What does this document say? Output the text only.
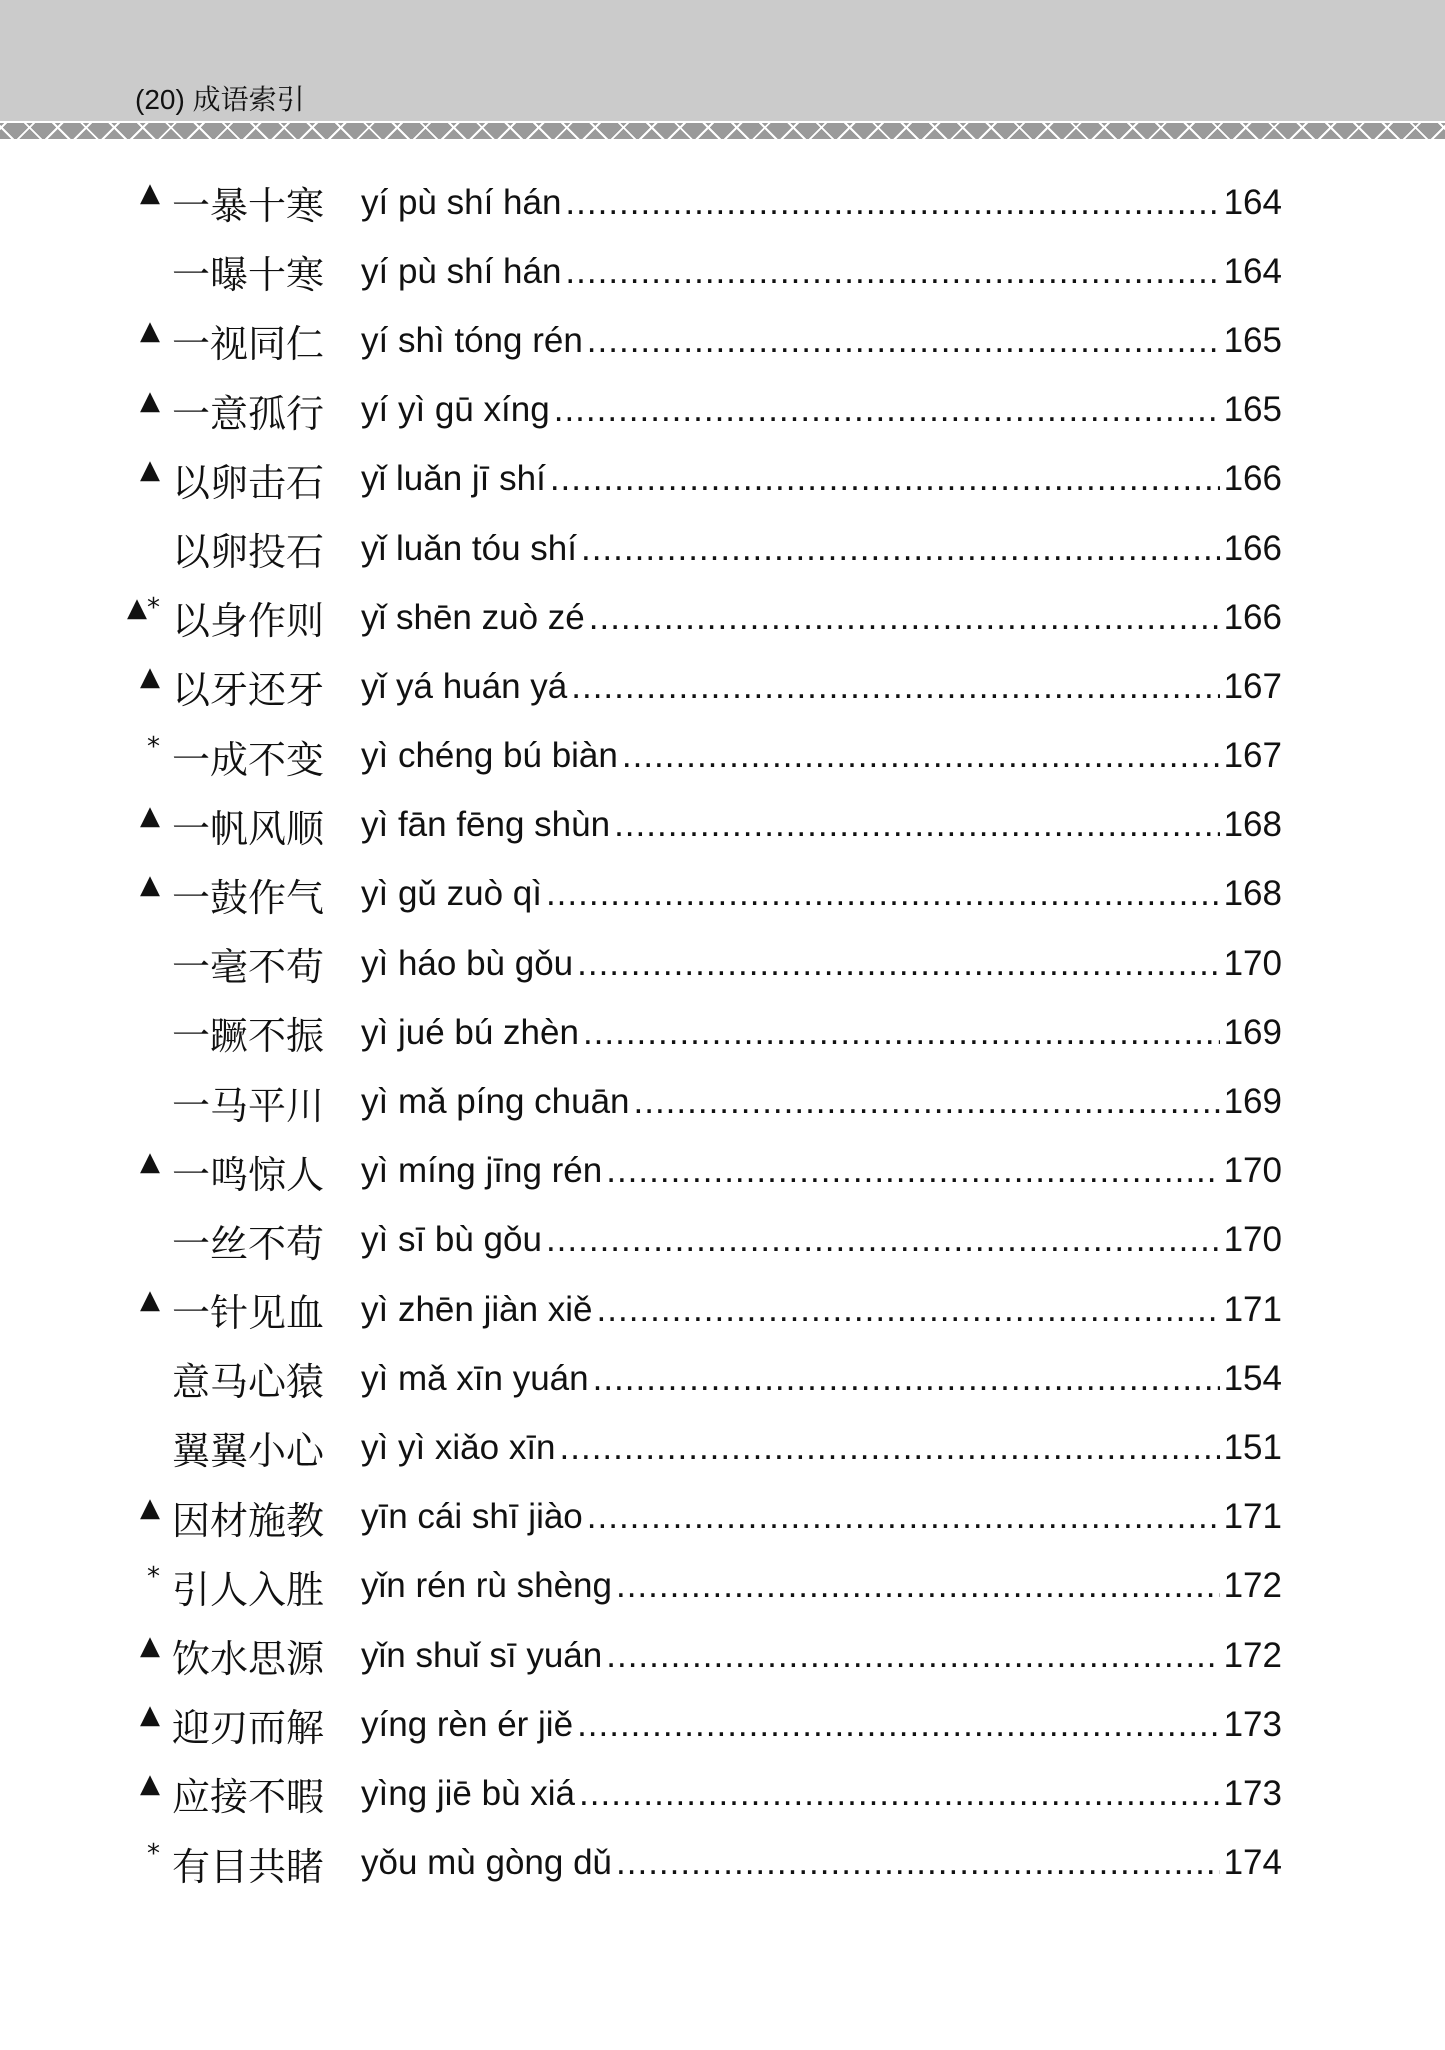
(20) 成语索引
▲ 一暴十寒 yí pù shí hán .....	164
一曝十寒 yí pù shí hán .....	164
▲ 一视同仁 yí shì tóng rén .....	165
▲ 一意孤行 yí yì gū xíng .....	165
▲ 以卵击石 yǐ luǎn jī shí .....	166
以卵投石 yǐ luǎn tóu shí .....	166
▲* 以身作则 yǐ shēn zuò zé .....	166
▲ 以牙还牙 yǐ yá huán yá .....	167
* 一成不变 yì chéng bú biàn .....	167
▲ 一帆风顺 yì fān fēng shùn .....	168
▲ 一鼓作气 yì gǔ zuò qì .....	168
一毫不苟 yì háo bù gǒu .....	170
一蹶不振 yì jué bú zhèn .....	169
一马平川 yì mǎ píng chuān .....	169
▲ 一鸣惊人 yì míng jīng rén .....	170
一丝不苟 yì sī bù gǒu .....	170
▲ 一针见血 yì zhēn jiàn xiě .....	171
意马心猿 yì mǎ xīn yuán .....	154
翼翼小心 yì yì xiǎo xīn .....	151
▲ 因材施教 yīn cái shī jiào .....	171
* 引人入胜 yǐn rén rù shèng .....	172
▲ 饮水思源 yǐn shuǐ sī yuán .....	172
▲ 迎刃而解 yíng rèn ér jiě .....	173
▲ 应接不暇 yìng jiē bù xiá .....	173
* 有目共睹 yǒu mù gòng dǔ .....	174
